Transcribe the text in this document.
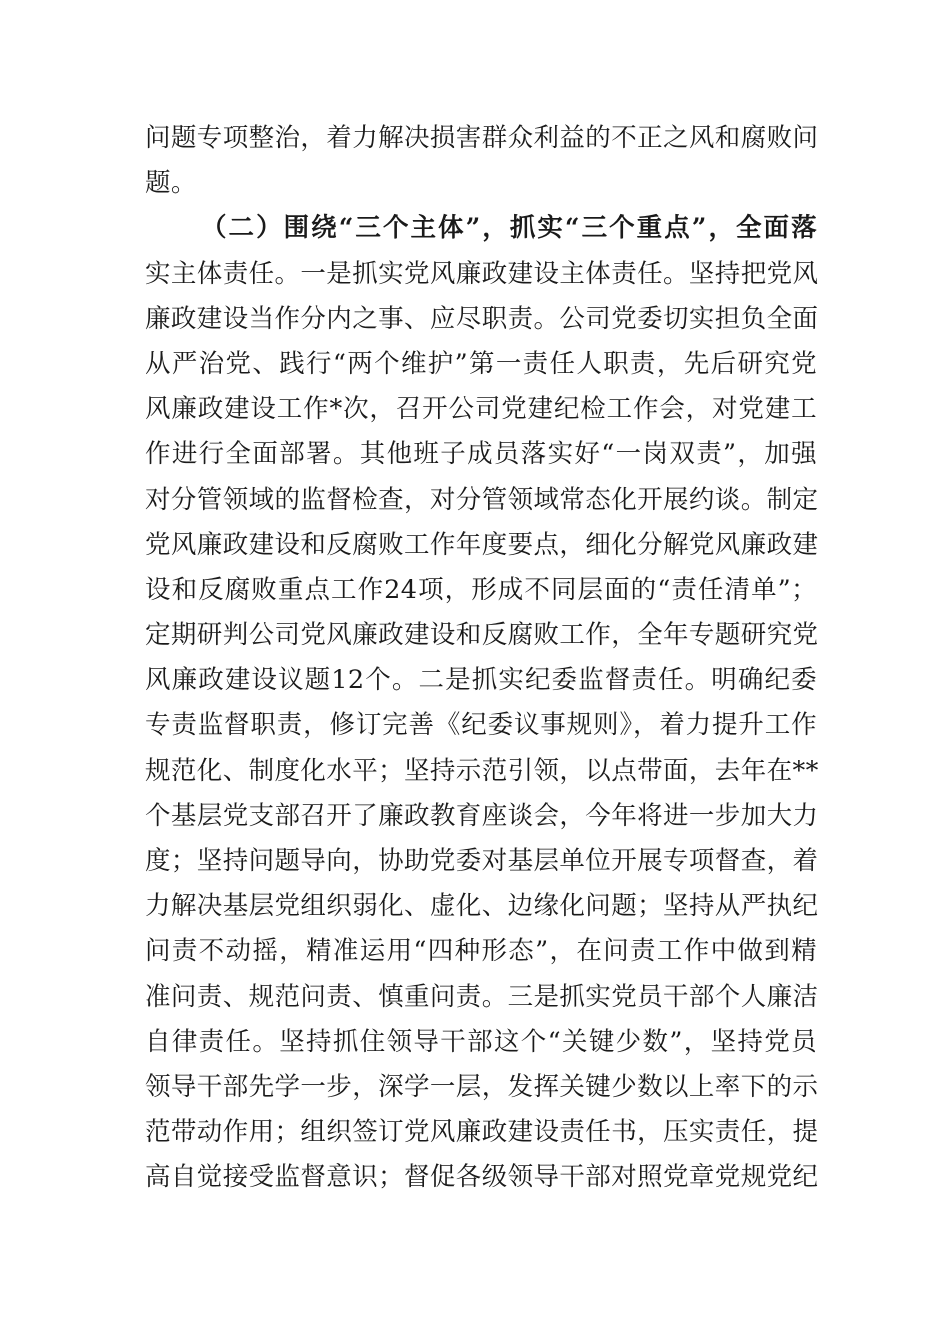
问题专项整治，着力解决损害群众利益的不正之风和腐败问
题。
（二）围绕“三个主体”，抓实“三个重点”，全面落
实主体责任。一是抓实党风廉政建设主体责任。坚持把党风
廉政建设当作分内之事、应尽职责。公司党委切实担负全面
从严治党、践行“两个维护”第一责任人职责，先后研究党
风廉政建设工作*次，召开公司党建纪检工作会，对党建工
作进行全面部署。其他班子成员落实好“一岗双责”，加强
对分管领域的监督检查，对分管领域常态化开展约谈。制定
党风廉政建设和反腐败工作年度要点，细化分解党风廉政建
设和反腐败重点工作24项，形成不同层面的“责任清单”；
定期研判公司党风廉政建设和反腐败工作，全年专题研究党
风廉政建设议题12个。二是抓实纪委监督责任。明确纪委
专责监督职责，修订完善《纪委议事规则》，着力提升工作
规范化、制度化水平；坚持示范引领，以点带面，去年在**
个基层党支部召开了廉政教育座谈会，今年将进一步加大力
度；坚持问题导向，协助党委对基层单位开展专项督查，着
力解决基层党组织弱化、虚化、边缘化问题；坚持从严执纪
问责不动摇，精准运用“四种形态”，在问责工作中做到精
准问责、规范问责、慎重问责。三是抓实党员干部个人廉洁
自律责任。坚持抓住领导干部这个“关键少数”，坚持党员
领导干部先学一步，深学一层，发挥关键少数以上率下的示
范带动作用；组织签订党风廉政建设责任书，压实责任，提
高自觉接受监督意识；督促各级领导干部对照党章党规党纪
